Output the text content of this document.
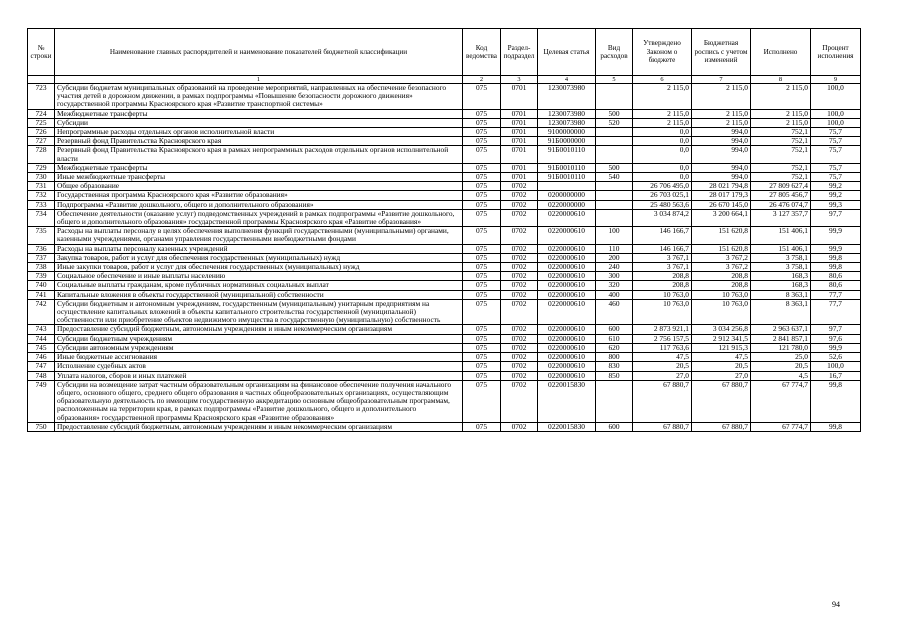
№ строки	Наименование главных распорядителей и наименование показателей бюджетной классификации	Код ведомства	Раздел-подраздел	Целевая статья	Вид расходов	Утверждено Законом о бюджете	Бюджетная роспись с учетом изменений	Исполнено	Процент исполнения
	1	2	3	4	5	6	7	8	9
723	Субсидии бюджетам муниципальных образований на проведение мероприятий, направленных на обеспечение безопасного участия детей в дорожном движении, в рамках подпрограммы «Повышение безопасности дорожного движения» государственной программы Красноярского края «Развитие транспортной системы»	075	0701	1230073980		2 115,0	2 115,0	2 115,0	100,0
724	Межбюджетные трансферты	075	0701	1230073980	500	2 115,0	2 115,0	2 115,0	100,0
725	Субсидии	075	0701	1230073980	520	2 115,0	2 115,0	2 115,0	100,0
726	Непрограммные расходы отдельных органов исполнительной власти	075	0701	9100000000		0,0	994,0	752,1	75,7
727	Резервный фонд Правительства Красноярского края	075	0701	91Б0000000		0,0	994,0	752,1	75,7
728	Резервный фонд Правительства Красноярского края в рамках непрограммных расходов отдельных органов исполнительной власти	075	0701	91Б0010110		0,0	994,0	752,1	75,7
729	Межбюджетные трансферты	075	0701	91Б0010110	500	0,0	994,0	752,1	75,7
730	Иные межбюджетные трансферты	075	0701	91Б0010110	540	0,0	994,0	752,1	75,7
731	Общее образование	075	0702			26 706 495,0	28 021 794,8	27 809 627,4	99,2
732	Государственная программа Красноярского края «Развитие образования»	075	0702	0200000000		26 703 025,1	28 017 179,3	27 805 456,7	99,2
733	Подпрограмма «Развитие дошкольного, общего и дополнительного образования»	075	0702	0220000000		25 480 563,6	26 670 145,0	26 476 074,7	99,3
734	Обеспечение деятельности (оказание услуг) подведомственных учреждений в рамках подпрограммы «Развитие дошкольного, общего и дополнительного образования» государственной программы Красноярского края «Развитие образования»	075	0702	0220000610		3 034 874,2	3 200 664,1	3 127 357,7	97,7
735	Расходы на выплаты персоналу в целях обеспечения выполнения функций государственными (муниципальными) органами, казенными учреждениями, органами управления государственными внебюджетными фондами	075	0702	0220000610	100	146 166,7	151 620,8	151 406,1	99,9
736	Расходы на выплаты персоналу казенных учреждений	075	0702	0220000610	110	146 166,7	151 620,8	151 406,1	99,9
737	Закупка товаров, работ и услуг для обеспечения государственных (муниципальных) нужд	075	0702	0220000610	200	3 767,1	3 767,2	3 758,1	99,8
738	Иные закупки товаров, работ и услуг для обеспечения государственных (муниципальных) нужд	075	0702	0220000610	240	3 767,1	3 767,2	3 758,1	99,8
739	Социальное обеспечение и иные выплаты населению	075	0702	0220000610	300	208,8	208,8	168,3	80,6
740	Социальные выплаты гражданам, кроме публичных нормативных социальных выплат	075	0702	0220000610	320	208,8	208,8	168,3	80,6
741	Капитальные вложения в объекты государственной (муниципальной) собственности	075	0702	0220000610	400	10 763,0	10 763,0	8 363,1	77,7
742	Субсидии бюджетным и автономным учреждениям, государственным (муниципальным) унитарным предприятиям на осуществление капитальных вложений в объекты капитального строительства государственной (муниципальной) собственности или приобретение объектов недвижимого имущества в государственную (муниципальную) собственность	075	0702	0220000610	460	10 763,0	10 763,0	8 363,1	77,7
743	Предоставление субсидий бюджетным, автономным учреждениям и иным некоммерческим организациям	075	0702	0220000610	600	2 873 921,1	3 034 256,8	2 963 637,1	97,7
744	Субсидии бюджетным учреждениям	075	0702	0220000610	610	2 756 157,5	2 912 341,5	2 841 857,1	97,6
745	Субсидии автономным учреждениям	075	0702	0220000610	620	117 763,6	121 915,3	121 780,0	99,9
746	Иные бюджетные ассигнования	075	0702	0220000610	800	47,5	47,5	25,0	52,6
747	Исполнение судебных актов	075	0702	0220000610	830	20,5	20,5	20,5	100,0
748	Уплата налогов, сборов и иных платежей	075	0702	0220000610	850	27,0	27,0	4,5	16,7
749	Субсидии на возмещение затрат частным образовательным организациям на финансовое обеспечение получения начального общего, основного общего, среднего общего образования в частных общеобразовательных организациях, осуществляющим образовательную деятельность по имеющим государственную аккредитацию основным общеобразовательным программам, расположенным на территории края, в рамках подпрограммы «Развитие дошкольного, общего и дополнительного образования» государственной программы Красноярского края «Развитие образования»	075	0702	0220015830		67 880,7	67 880,7	67 774,7	99,8
750	Предоставление субсидий бюджетным, автономным учреждениям и иным некоммерческим организациям	075	0702	0220015830	600	67 880,7	67 880,7	67 774,7	99,8
94
